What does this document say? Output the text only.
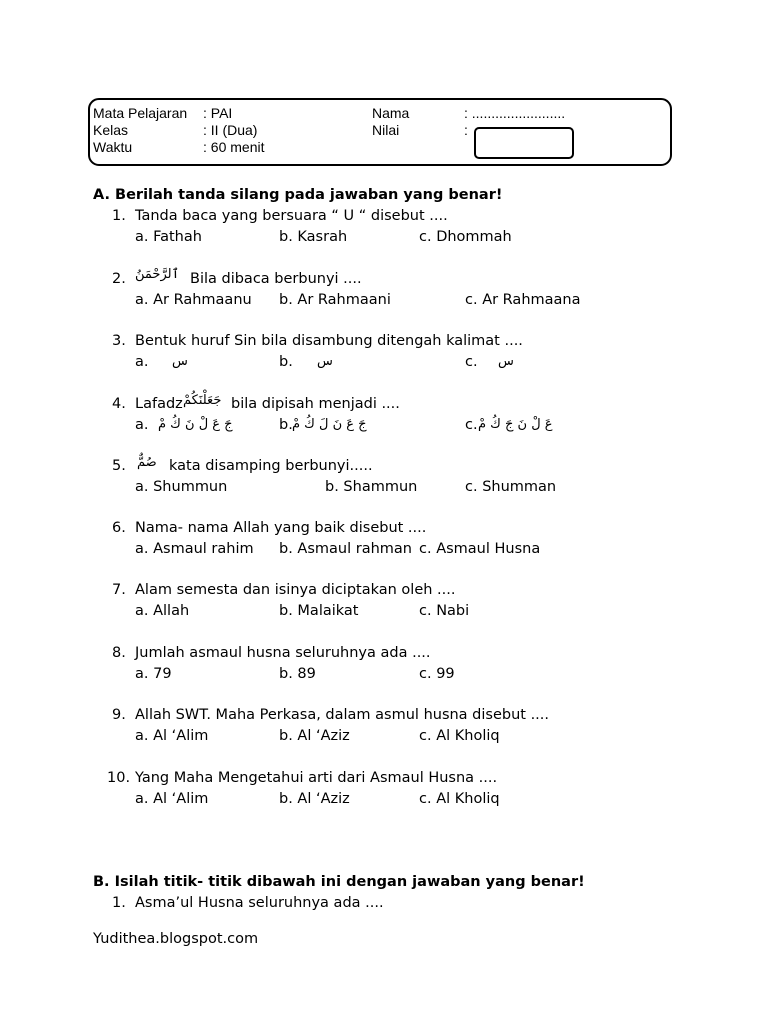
Mata Pelajaran : PAI
Kelas	: II (Dua)
Waktu	: 60 menit
Nama	: ........................
Nilai	:
A. Berilah tanda silang pada jawaban yang benar!
1. Tanda baca yang bersuara “ U “ disebut ....
a. Fathah	b. Kasrah	c. Dhommah
2. ٱلرَّحْمَنُ Bila dibaca berbunyi ....
a. Ar Rahmaanu b. Ar Rahmaani	c. Ar Rahmaana
3. Bentuk huruf Sin bila disambung ditengah kalimat ....
a. س	b. س	c. س
4. Lafadz جَعَلْنَكُمْ bila dipisah menjadi ....
a. جَ عَ لْ نَ كُ مْ	b. جَ عَ نَ لَ كُ مْ	c. عَ لْ نَ جَ كُ مْ
5. صُمٌّ kata disamping berbunyi.....
a. Shummun	b. Shammun	c. Shumman
6. Nama- nama Allah yang baik disebut ....
a. Asmaul rahim b. Asmaul rahman c. Asmaul Husna
7. Alam semesta dan isinya diciptakan oleh ....
a. Allah	b. Malaikat	c. Nabi
8. Jumlah asmaul husna seluruhnya ada ....
a. 79	b. 89	c. 99
9. Allah SWT. Maha Perkasa, dalam asmul husna disebut ....
a. Al ‘Alim	b. Al ‘Aziz	c. Al Kholiq
10. Yang Maha Mengetahui arti dari Asmaul Husna ....
a. Al ‘Alim	b. Al ‘Aziz	c. Al Kholiq
B. Isilah titik- titik dibawah ini dengan jawaban yang benar!
1. Asma’ul Husna seluruhnya ada ....
Yudithea.blogspot.com
